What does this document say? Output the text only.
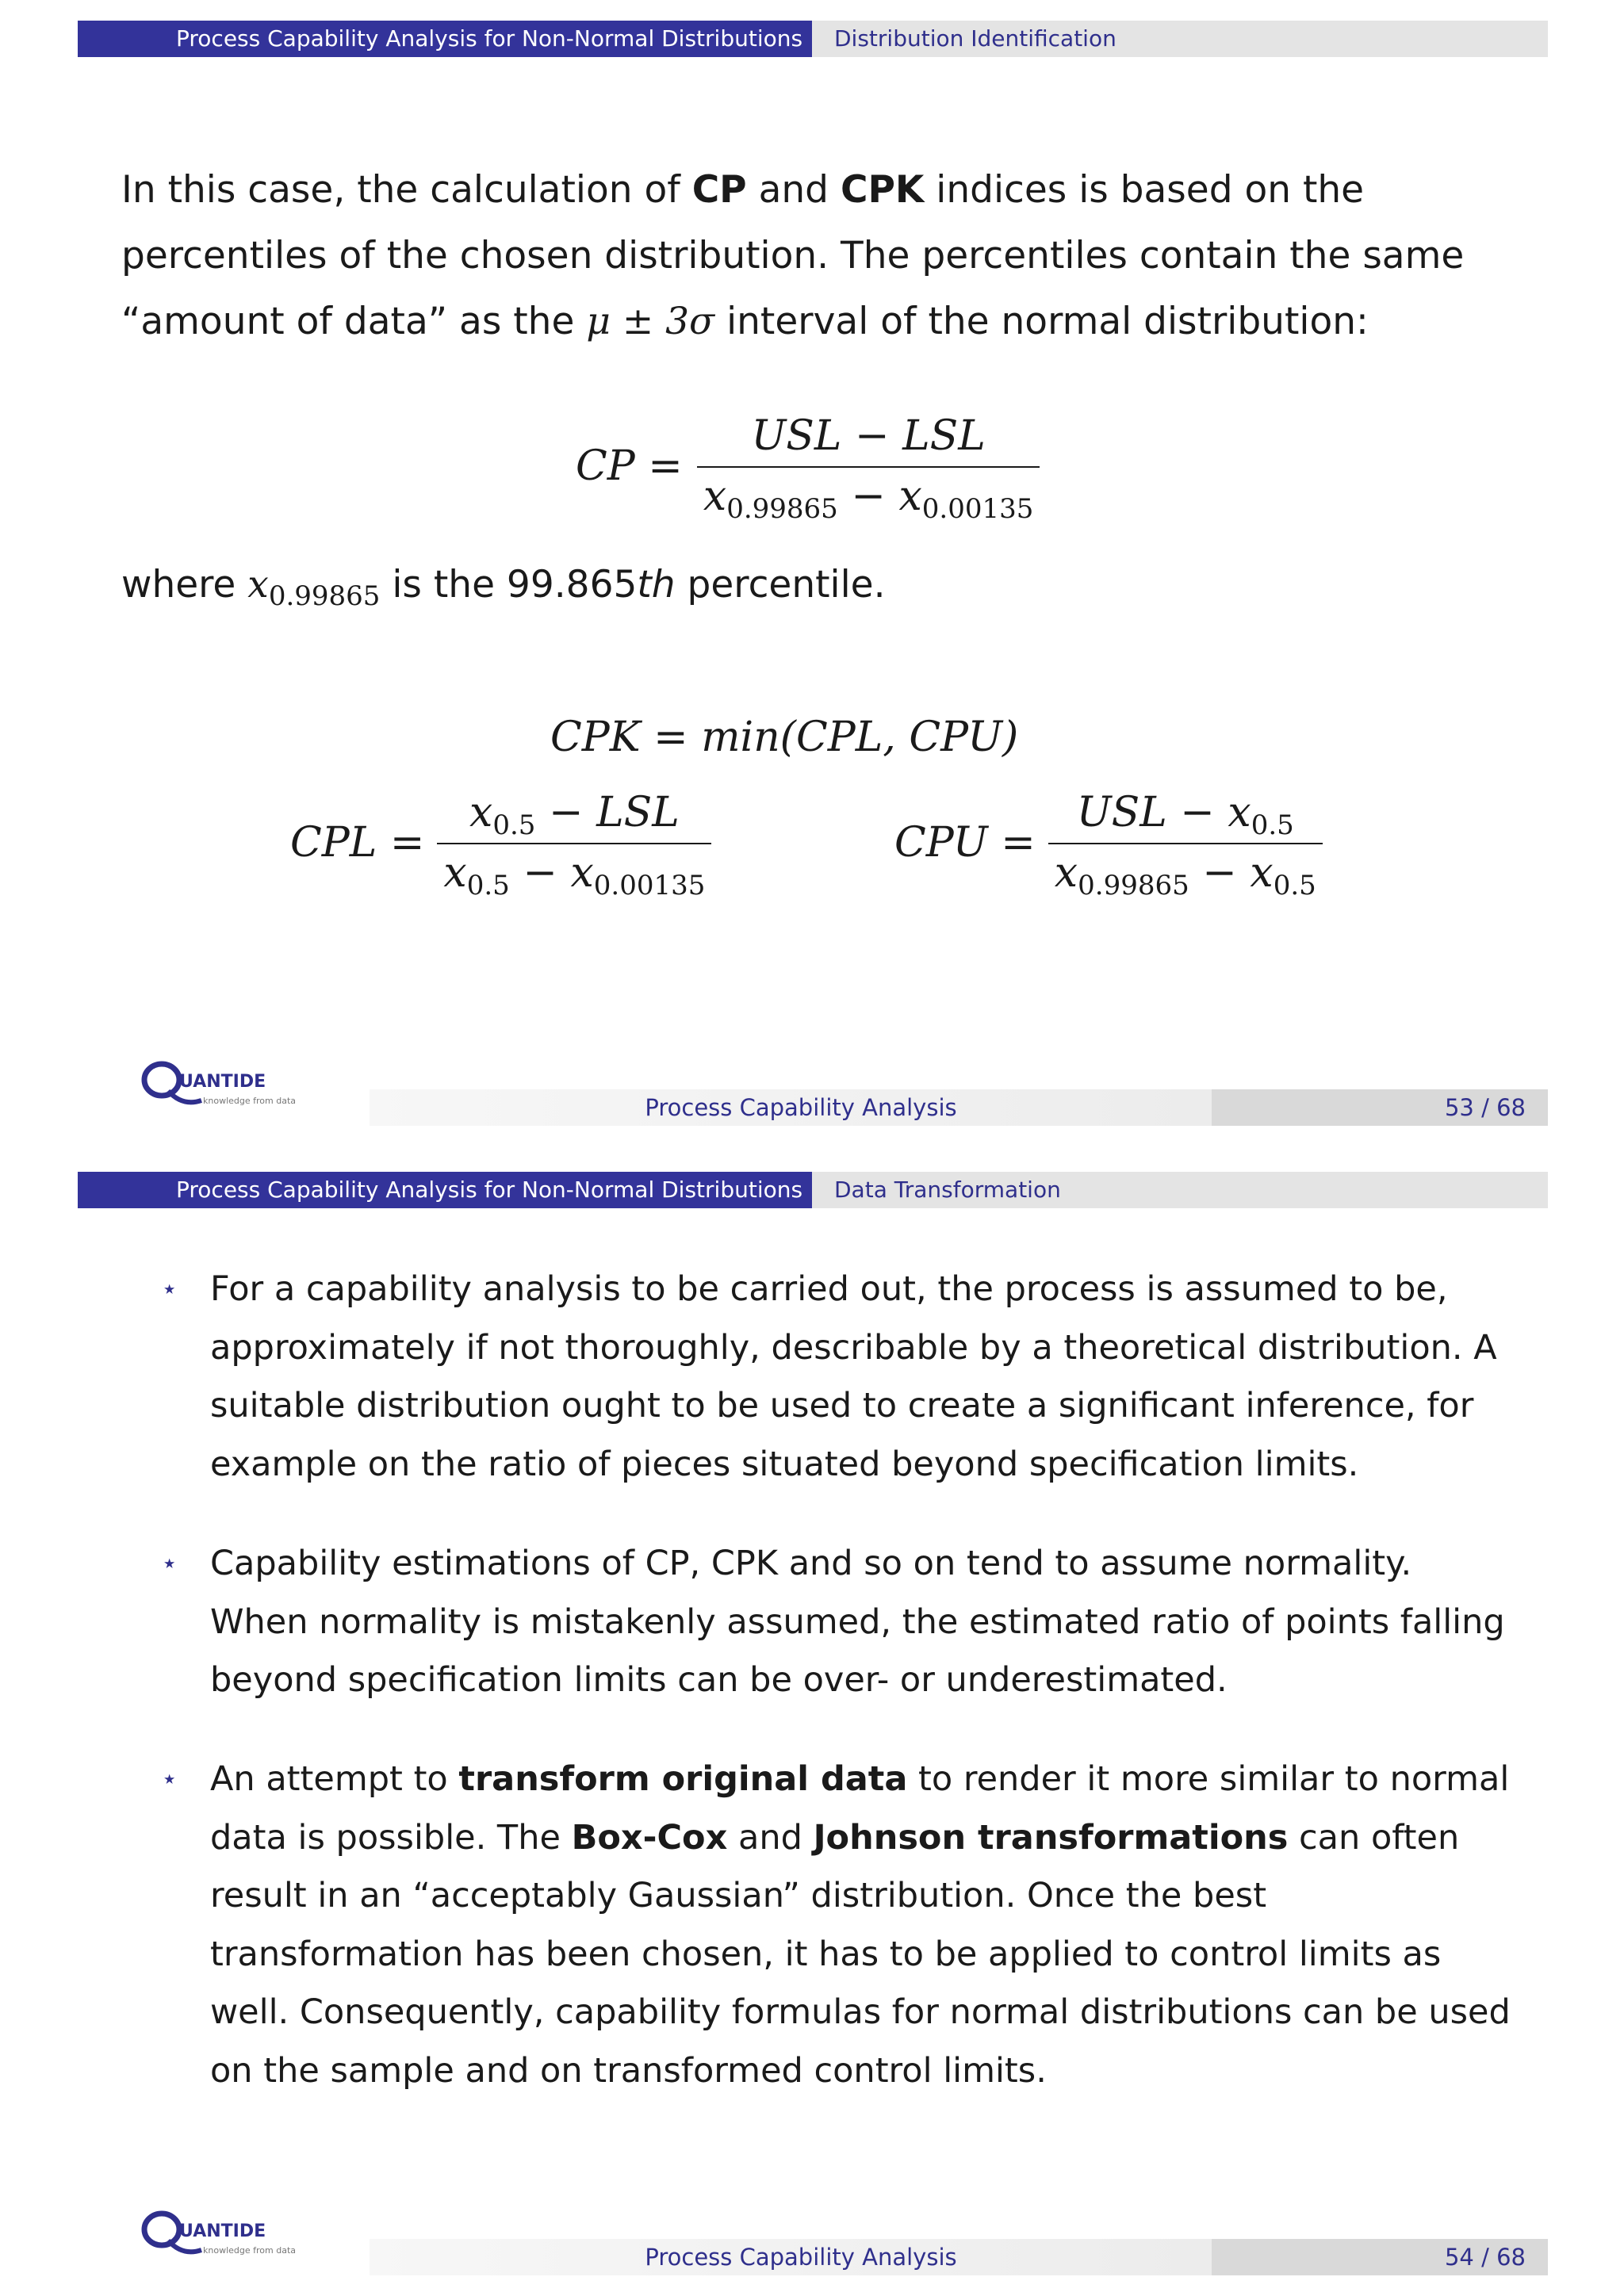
Process Capability Analysis for Non-Normal Distributions	Distribution Identification
In this case, the calculation of CP and CPK indices is based on the
percentiles of the chosen distribution. The percentiles contain the same
“amount of data” as the μ ± 3σ interval of the normal distribution:
CP = $\frac{\text{USL − LSL}}{x0.99865 - x0.00135}$
where $x_{0.99865}$ is the 99.865th percentile.
CPK = min(CPL, CPU)
CPL = $\frac{\text{x0.5 − LSL}}{x0.5 - x0.00135}$	CPU = $\frac{\text{USL − x0.5}}{x0.99865 - x0.5}$
UANTIDE
knowledge from data	Process Capability Analysis	53 / 68
Process Capability Analysis for Non-Normal Distributions	Data Transformation
⋆ For a capability analysis to be carried out, the process is assumed to be,
approximately if not thoroughly, describable by a theoretical distribution. A
suitable distribution ought to be used to create a significant inference, for
example on the ratio of pieces situated beyond specification limits.
⋆ Capability estimations of CP, CPK and so on tend to assume normality.
When normality is mistakenly assumed, the estimated ratio of points falling
beyond specification limits can be over- or underestimated.
⋆ An attempt to transform original data to render it more similar to normal
data is possible. The Box-Cox and Johnson transformations can often
result in an “acceptably Gaussian” distribution. Once the best
transformation has been chosen, it has to be applied to control limits as
well. Consequently, capability formulas for normal distributions can be used
on the sample and on transformed control limits.
UANTIDE
knowledge from data	Process Capability Analysis	54 / 68
